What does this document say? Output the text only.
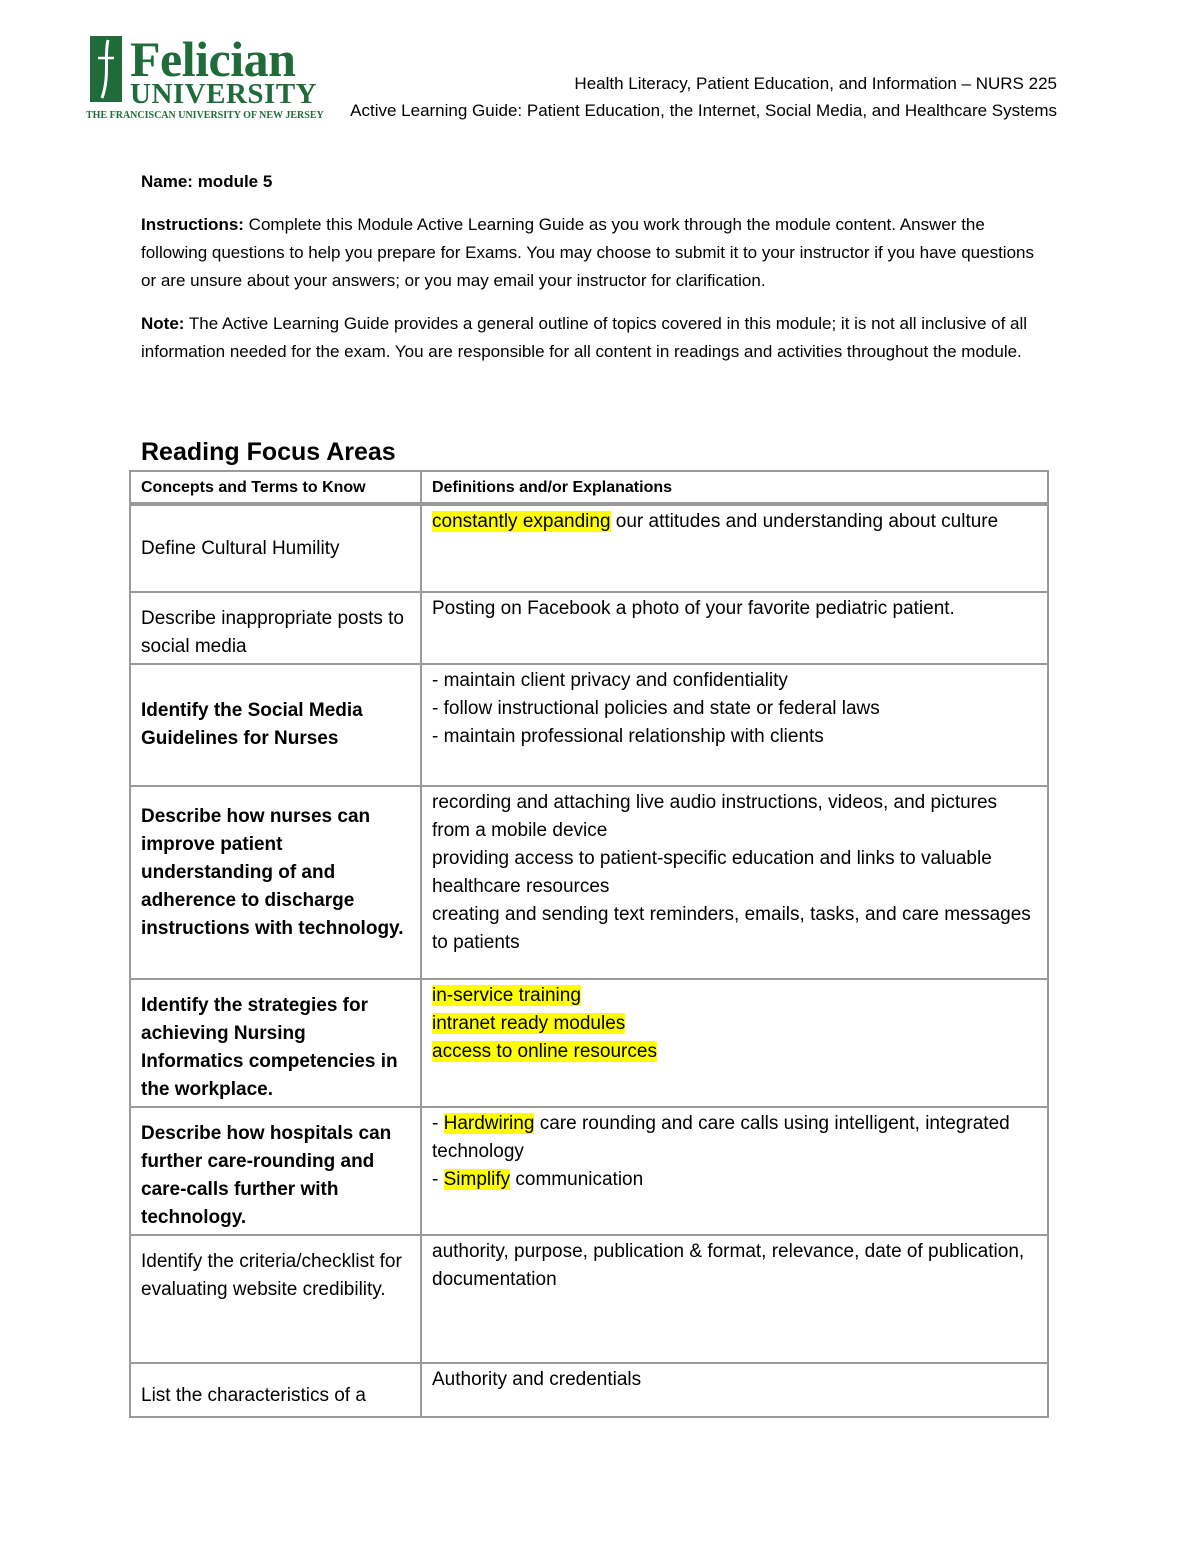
Felician
UNIVERSITY
THE FRANCISCAN UNIVERSITY OF NEW JERSEY
Health Literacy, Patient Education, and Information – NURS 225
Active Learning Guide: Patient Education, the Internet, Social Media, and Healthcare Systems

Name: module 5

Instructions: Complete this Module Active Learning Guide as you work through the module content. Answer the following questions to help you prepare for Exams. You may choose to submit it to your instructor if you have questions or are unsure about your answers; or you may email your instructor for clarification.

Note: The Active Learning Guide provides a general outline of topics covered in this module; it is not all inclusive of all information needed for the exam. You are responsible for all content in readings and activities throughout the module.

Reading Focus Areas
Concepts and Terms to Know	Definitions and/or Explanations
Define Cultural Humility	constantly expanding our attitudes and understanding about culture
Describe inappropriate posts to social media	Posting on Facebook a photo of your favorite pediatric patient.
Identify the Social Media Guidelines for Nurses	- maintain client privacy and confidentiality
- follow instructional policies and state or federal laws
- maintain professional relationship with clients

Describe how nurses can improve patient understanding of and adherence to discharge instructions with technology.	recording and attaching live audio instructions, videos, and pictures from a mobile device
providing access to patient-specific education and links to valuable healthcare resources
creating and sending text reminders, emails, tasks, and care messages to patients

Identify the strategies for achieving Nursing Informatics competencies in the workplace.	in-service training
intranet ready modules
access to online resources

Describe how hospitals can further care-rounding and care-calls further with technology.	- Hardwiring care rounding and care calls using intelligent, integrated technology
- Simplify communication

Identify the criteria/checklist for evaluating website credibility.	authority, purpose, publication & format, relevance, date of publication, documentation
List the characteristics of a	Authority and credentials
